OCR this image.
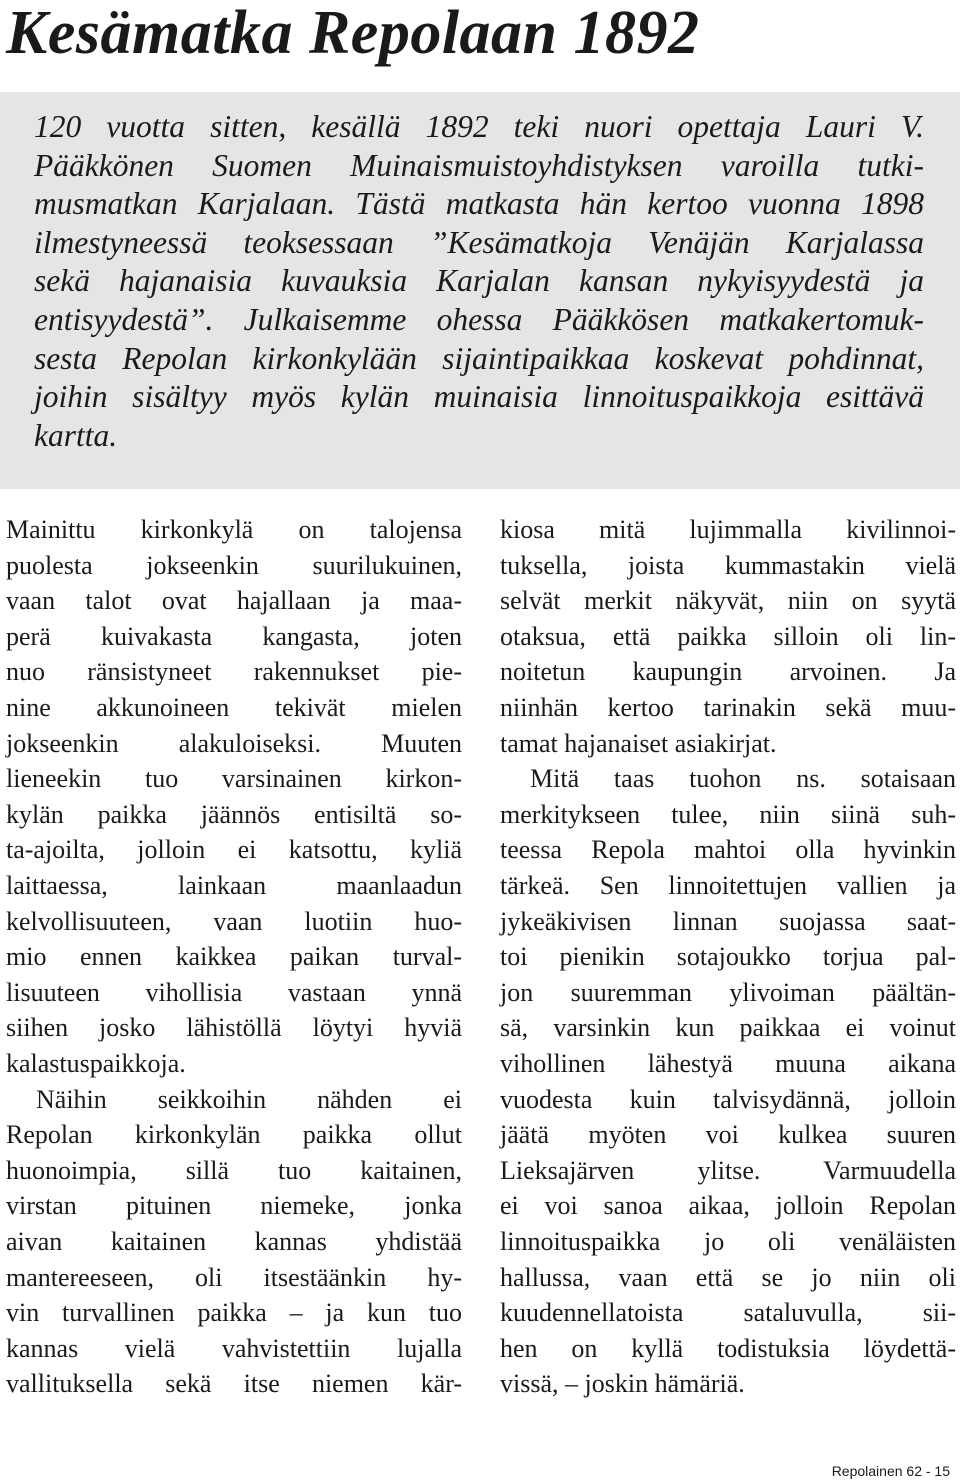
Kesämatka Repolaan 1892
120 vuotta sitten, kesällä 1892 teki nuori opettaja Lauri V.
Pääkkönen Suomen Muinaismuistoyhdistyksen varoilla tutki-
musmatkan Karjalaan. Tästä matkasta hän kertoo vuonna 1898
ilmestyneessä teoksessaan ”Kesämatkoja Venäjän Karjalassa
sekä hajanaisia kuvauksia Karjalan kansan nykyisyydestä ja
entisyydestä”. Julkaisemme ohessa Pääkkösen matkakertomuk-
sesta Repolan kirkonkylään sijaintipaikkaa koskevat pohdinnat,
joihin sisältyy myös kylän muinaisia linnoituspaikkoja esittävä
kartta.
Mainittu kirkonkylä on talojensa
puolesta jokseenkin suurilukuinen,
vaan talot ovat hajallaan ja maa-
perä kuivakasta kangasta, joten
nuo ränsistyneet rakennukset pie-
nine akkunoineen tekivät mielen
jokseenkin alakuloiseksi. Muuten
lieneekin tuo varsinainen kirkon-
kylän paikka jäännös entisiltä so-
ta-ajoilta, jolloin ei katsottu, kyliä
laittaessa, lainkaan maanlaadun
kelvollisuuteen, vaan luotiin huo-
mio ennen kaikkea paikan turval-
lisuuteen vihollisia vastaan ynnä
siihen josko lähistöllä löytyi hyviä
kalastuspaikkoja.
Näihin seikkoihin nähden ei
Repolan kirkonkylän paikka ollut
huonoimpia, sillä tuo kaitainen,
virstan pituinen niemeke, jonka
aivan kaitainen kannas yhdistää
mantereeseen, oli itsestäänkin hy-
vin turvallinen paikka – ja kun tuo
kannas vielä vahvistettiin lujalla
vallituksella sekä itse niemen kär-
kiosa mitä lujimmalla kivilinnoi-
tuksella, joista kummastakin vielä
selvät merkit näkyvät, niin on syytä
otaksua, että paikka silloin oli lin-
noitetun kaupungin arvoinen. Ja
niinhän kertoo tarinakin sekä muu-
tamat hajanaiset asiakirjat.
Mitä taas tuohon ns. sotaisaan
merkitykseen tulee, niin siinä suh-
teessa Repola mahtoi olla hyvinkin
tärkeä. Sen linnoitettujen vallien ja
jykeäkivisen linnan suojassa saat-
toi pienikin sotajoukko torjua pal-
jon suuremman ylivoiman päältän-
sä, varsinkin kun paikkaa ei voinut
vihollinen lähestyä muuna aikana
vuodesta kuin talvisydännä, jolloin
jäätä myöten voi kulkea suuren
Lieksajärven ylitse. Varmuudella
ei voi sanoa aikaa, jolloin Repolan
linnoituspaikka jo oli venäläisten
hallussa, vaan että se jo niin oli
kuudennellatoista sataluvulla, sii-
hen on kyllä todistuksia löydettä-
vissä, – joskin hämäriä.
Repolainen 62 - 15
